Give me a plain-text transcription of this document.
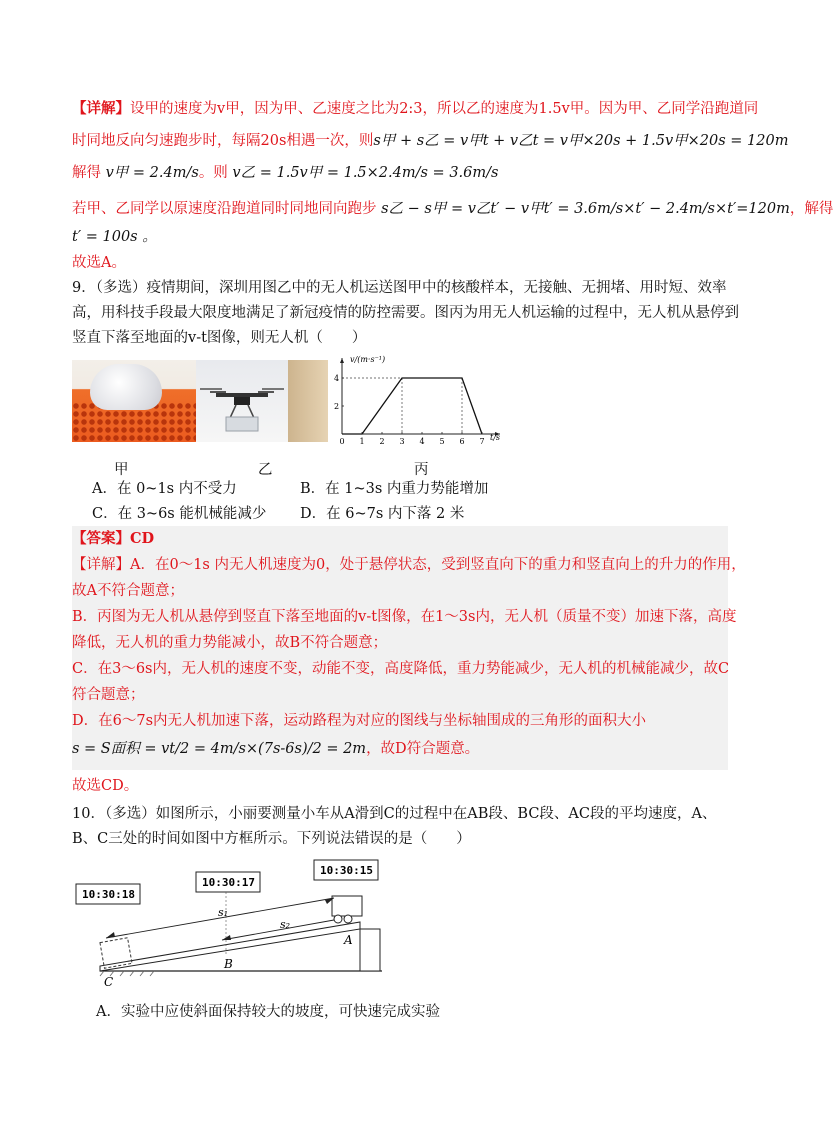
【详解】设甲的速度为v甲，因为甲、乙速度之比为2:3，所以乙的速度为1.5v甲。因为甲、乙同学沿跑道同
时同地反向匀速跑步时，每隔20s相遇一次，则s甲 + s乙 = v甲t + v乙t = v甲×20s + 1.5v甲×20s = 120m
解得 v甲 = 2.4m/s。则 v乙 = 1.5v甲 = 1.5×2.4m/s = 3.6m/s
若甲、乙同学以原速度沿跑道同时同地同向跑步 s乙 − s甲 = v乙t′ − v甲t′ = 3.6m/s×t′ − 2.4m/s×t′=120m，解得
t′ = 100s 。
故选A。
9．（多选）疫情期间，深圳用图乙中的无人机运送图甲中的核酸样本，无接触、无拥堵、用时短、效率
高，用科技手段最大限度地满足了新冠疫情的防控需要。图丙为用无人机运输的过程中，无人机从悬停到
竖直下落至地面的v-t图像，则无人机（　　）
0 1 2 3 4 5 6 7
2
4
v/(m·s⁻¹)
t/s
甲	乙	丙
A．在 0~1s 内不受力	B．在 1~3s 内重力势能增加
C．在 3~6s 能机械能减少 D．在 6~7s 内下落 2 米
【答案】CD
【详解】A．在0～1s 内无人机速度为0，处于悬停状态，受到竖直向下的重力和竖直向上的升力的作用，
故A不符合题意；
B．丙图为无人机从悬停到竖直下落至地面的v-t图像，在1～3s内，无人机（质量不变）加速下落，高度
降低，无人机的重力势能减小，故B不符合题意；
C．在3～6s内，无人机的速度不变，动能不变，高度降低，重力势能减少，无人机的机械能减少，故C
符合题意；
D．在6～7s内无人机加速下落，运动路程为对应的图线与坐标轴围成的三角形的面积大小
s = S面积 = vt/2 = 4m/s×(7s-6s)/2 = 2m，故D符合题意。
故选CD。
10．（多选）如图所示，小丽要测量小车从A滑到C的过程中在AB段、BC段、AC段的平均速度，A、
B、C三处的时间如图中方框所示。下列说法错误的是（　　）
10:30:18
10:30:17
10:30:15
s₁
s₂
A
B
C
A．实验中应使斜面保持较大的坡度，可快速完成实验
